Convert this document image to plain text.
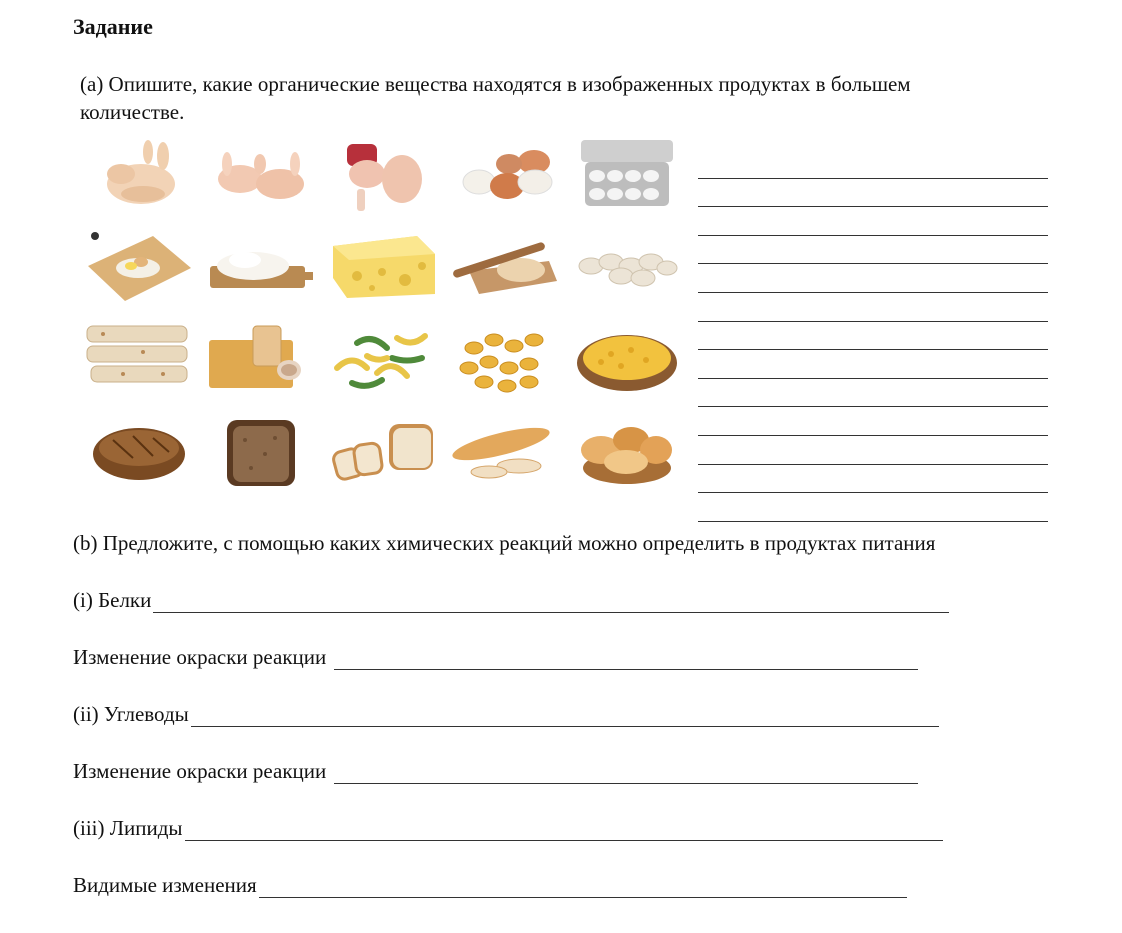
Задание
(a) Опишите, какие органические вещества находятся в изображенных продуктах в большем количестве.
(b) Предложите, с помощью каких химических реакций можно определить в продуктах питания
(i) Белки
Изменение окраски реакции
(ii) Углеводы
Изменение окраски реакции
(iii) Липиды
Видимые изменения
